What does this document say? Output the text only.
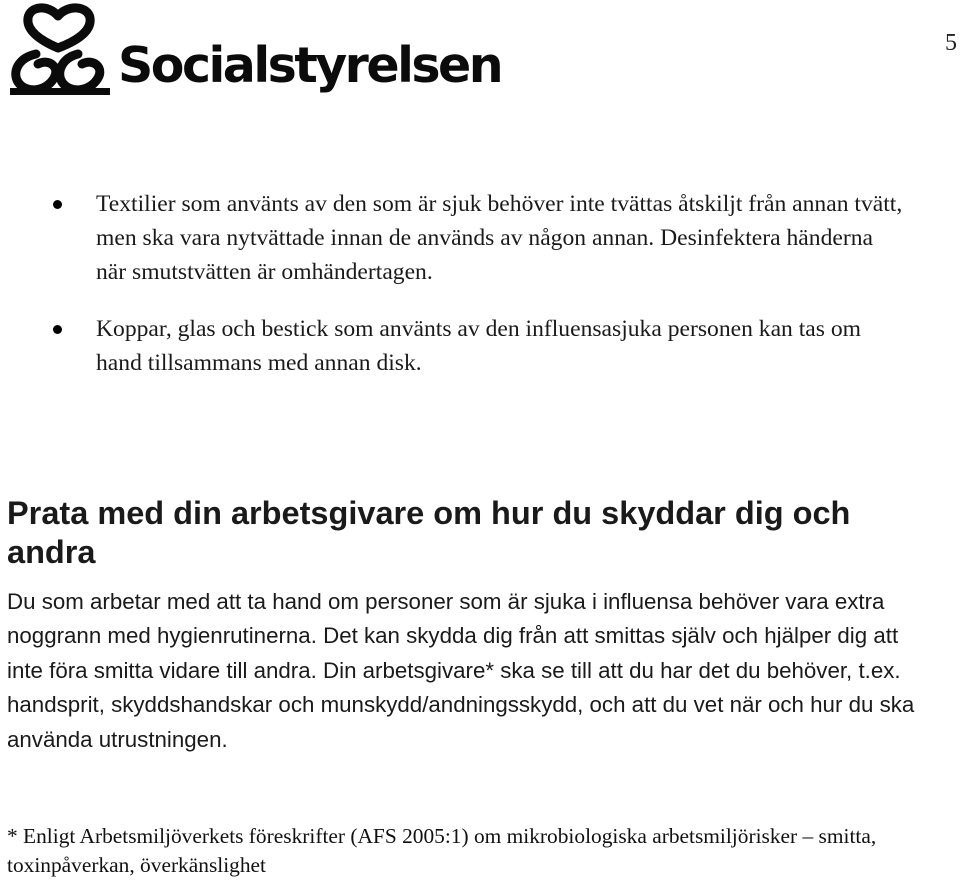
Socialstyrelsen	5
Textilier som använts av den som är sjuk behöver inte tvättas åtskiljt från annan tvätt, men ska vara nytvättade innan de används av någon annan. Desinfektera händerna när smutstvätten är omhändertagen.
Koppar, glas och bestick som använts av den influensasjuka personen kan tas om hand tillsammans med annan disk.
Prata med din arbetsgivare om hur du skyddar dig och andra

Du som arbetar med att ta hand om personer som är sjuka i influensa behöver vara extra noggrann med hygienrutinerna. Det kan skydda dig från att smittas själv och hjälper dig att inte föra smitta vidare till andra. Din arbetsgivare* ska se till att du har det du behöver, t.ex. handsprit, skyddshandskar och munskydd/andningsskydd, och att du vet när och hur du ska använda utrustningen.

* Enligt Arbetsmiljöverkets föreskrifter (AFS 2005:1) om mikrobiologiska arbetsmiljörisker – smitta, toxinpåverkan, överkänslighet
